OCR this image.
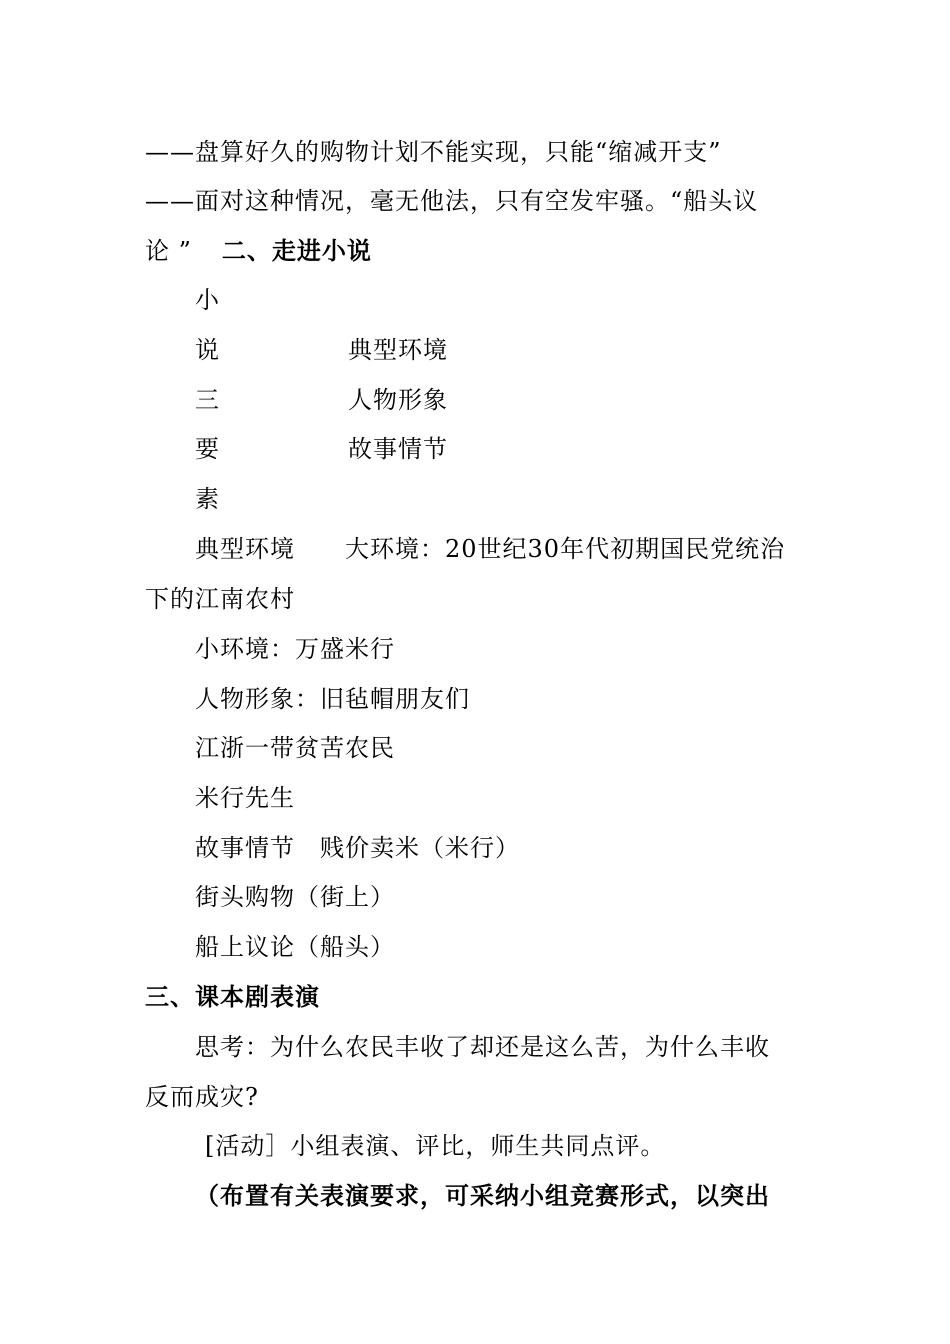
——盘算好久的购物计划不能实现，只能“缩减开支”
——面对这种情况，毫无他法，只有空发牢骚。“船头议
论 ” 二、走进小说
小
说
三
要
素
典型环境
人物形象
故事情节
典型环境　　大环境：20世纪30年代初期国民党统治
下的江南农村
小环境：万盛米行
人物形象：旧毡帽朋友们
江浙一带贫苦农民
米行先生
故事情节　贱价卖米（米行）
街头购物（街上）
船上议论（船头）
三、课本剧表演
思考：为什么农民丰收了却还是这么苦，为什么丰收
反而成灾?
[活动］小组表演、评比，师生共同点评。
（布置有关表演要求，可采纳小组竞赛形式，以突出
